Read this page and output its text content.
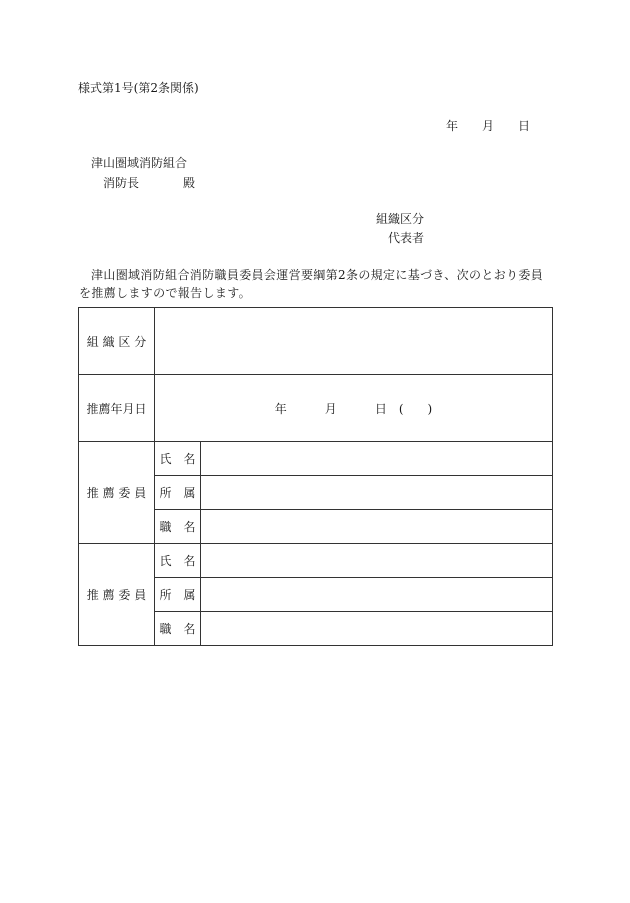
様式第1号(第2条関係)
年 月 日
津山圏域消防組合
消防長	殿
組織区分
代表者
津山圏域消防組合消防職員委員会運営要綱第2条の規定に基づき、次のとおり委員を推薦しますので報告します。
組 織 区 分		
推薦年月日	年 月 日 (　　)	
推 薦 委 員	氏　名	
	所　属	
	職　名	
推 薦 委 員	氏　名	
	所　属	
	職　名	
